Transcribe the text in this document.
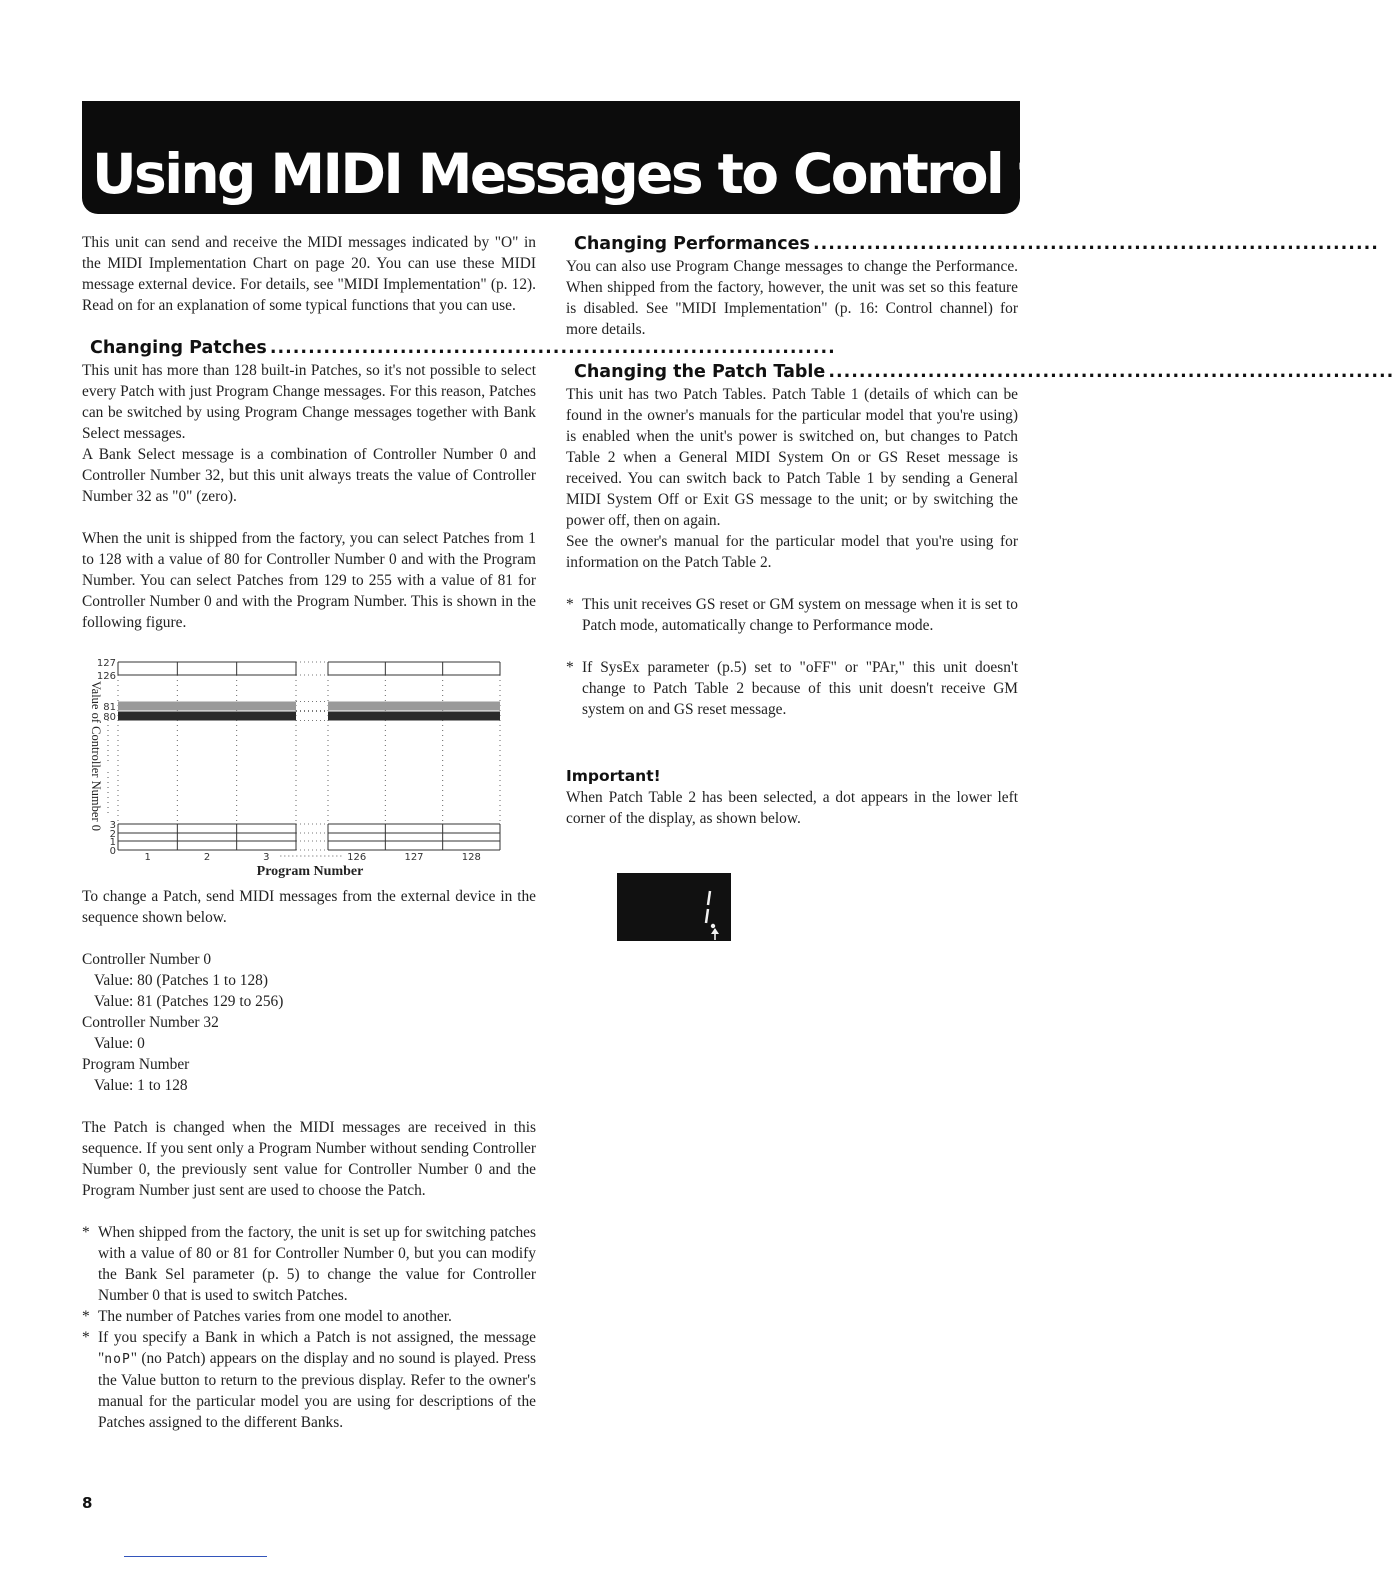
Using MIDI Messages to Control the Unit

This unit can send and receive the MIDI messages indicated by "O" in the MIDI Implementation Chart on page 20. You can use these MIDI message external device. For details, see "MIDI Implementation" (p. 12). Read on for an explanation of some typical functions that you can use.

Changing Patches ..........................................................................

This unit has more than 128 built-in Patches, so it's not possible to select every Patch with just Program Change messages. For this reason, Patches can be switched by using Program Change messages together with Bank Select messages.

A Bank Select message is a combination of Controller Number 0 and Controller Number 32, but this unit always treats the value of Controller Number 32 as "0" (zero).

When the unit is shipped from the factory, you can select Patches from 1 to 128 with a value of 80 for Controller Number 0 and with the Program Number. You can select Patches from 129 to 255 with a value of 81 for Controller Number 0 and with the Program Number. This is shown in the following figure.

127
126
81
80
3
2
1
0
1	2	3	126	127	128
Program Number
Value of Controller Number 0

To change a Patch, send MIDI messages from the external device in the sequence shown below.

Controller Number 0

Value: 80 (Patches 1 to 128)

Value: 81 (Patches 129 to 256)

Controller Number 32

Value: 0

Program Number

Value: 1 to 128

The Patch is changed when the MIDI messages are received in this sequence. If you sent only a Program Number without sending Controller Number 0, the previously sent value for Controller Number 0 and the Program Number just sent are used to choose the Patch.

* When shipped from the factory, the unit is set up for switching patches with a value of 80 or 81 for Controller Number 0, but you can modify the Bank Sel parameter (p. 5) to change the value for Controller Number 0 that is used to switch Patches.

* The number of Patches varies from one model to another.

* If you specify a Bank in which a Patch is not assigned, the message "noP" (no Patch) appears on the display and no sound is played. Press the Value button to return to the previous display. Refer to the owner's manual for the particular model you are using for descriptions of the Patches assigned to the different Banks.

Changing Performances ..........................................................................

You can also use Program Change messages to change the Performance. When shipped from the factory, however, the unit was set so this feature is disabled. See "MIDI Implementation" (p. 16: Control channel) for more details.

Changing the Patch Table ..........................................................................

This unit has two Patch Tables. Patch Table 1 (details of which can be found in the owner's manuals for the particular model that you're using) is enabled when the unit's power is switched on, but changes to Patch Table 2 when a General MIDI System On or GS Reset message is received. You can switch back to Patch Table 1 by sending a General MIDI System Off or Exit GS message to the unit; or by switching the power off, then on again.

See the owner's manual for the particular model that you're using for information on the Patch Table 2.

* This unit receives GS reset or GM system on message when it is set to Patch mode, automatically change to Performance mode.

* If SysEx parameter (p.5) set to "oFF" or "PAr," this unit doesn't change to Patch Table 2 because of this unit doesn't receive GM system on and GS reset message.

Important!

When Patch Table 2 has been selected, a dot appears in the lower left corner of the display, as shown below.

8
